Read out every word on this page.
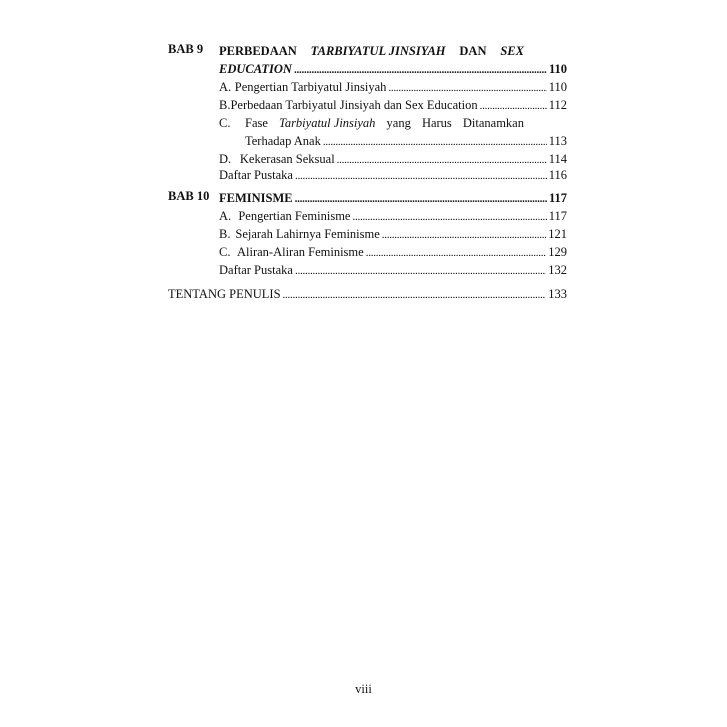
BAB 9 PERBEDAAN TARBIYATUL JINSIYAH DAN SEX
EDUCATION . . .	110
A. Pengertian Tarbiyatul Jinsiyah . . .	110
B. Perbedaan Tarbiyatul Jinsiyah dan Sex Education . . .	112
C.	Fase Tarbiyatul Jinsiyah yang Harus Ditanamkan
Terhadap Anak . . .	113
D. Kekerasan Seksual . . .	114
Daftar Pustaka . . .	116
BAB 10 FEMINISME . . .	117
A. Pengertian Feminisme . . .	117
B. Sejarah Lahirnya Feminisme . . .	121
C. Aliran-Aliran Feminisme . . .	129
Daftar Pustaka . . .	132
TENTANG PENULIS . . .	133
viii
